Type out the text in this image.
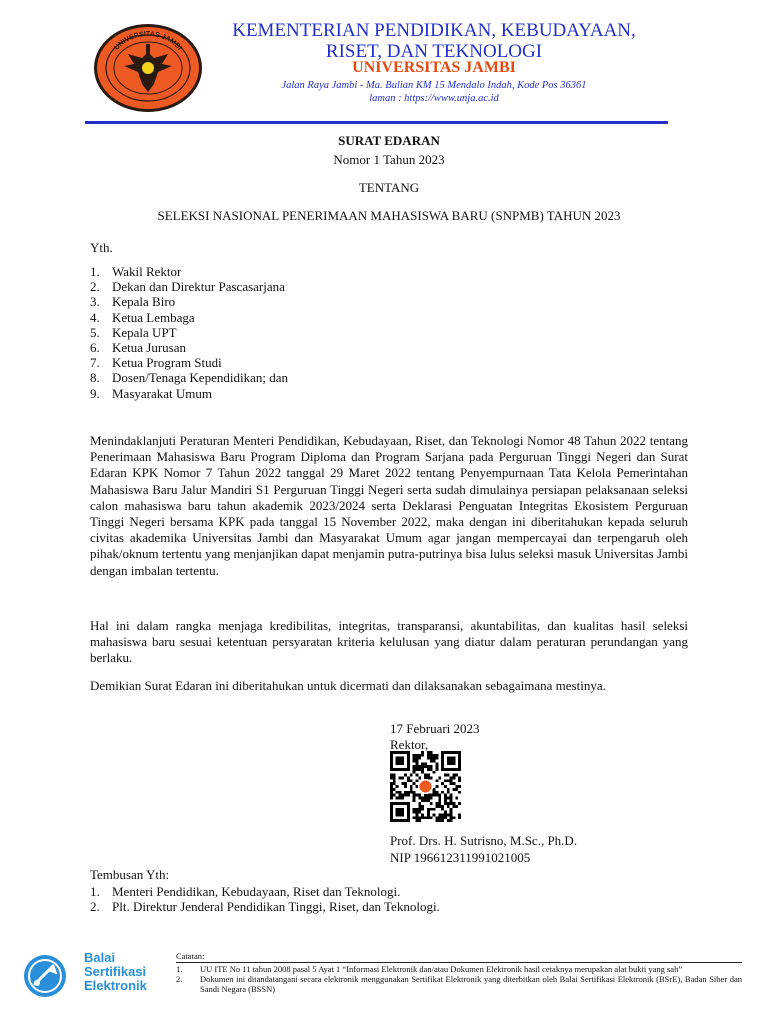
UNIVERSITAS JAMBI
KEMENTERIAN PENDIDIKAN, KEBUDAYAAN,
RISET, DAN TEKNOLOGI
UNIVERSITAS JAMBI
Jalan Raya Jambi - Ma. Bulian KM 15 Mendalo Indah, Kode Pos 36361
laman : https://www.unja.ac.id
SURAT EDARAN
Nomor 1 Tahun 2023
TENTANG
SELEKSI NASIONAL PENERIMAAN MAHASISWA BARU (SNPMB) TAHUN 2023
Yth.
1. Wakil Rektor
2. Dekan dan Direktur Pascasarjana
3. Kepala Biro
4. Ketua Lembaga
5. Kepala UPT
6. Ketua Jurusan
7. Ketua Program Studi
8. Dosen/Tenaga Kependidikan; dan
9. Masyarakat Umum
Menindaklanjuti Peraturan Menteri Pendidikan, Kebudayaan, Riset, dan Teknologi Nomor 48 Tahun 2022 tentang Penerimaan Mahasiswa Baru Program Diploma dan Program Sarjana pada Perguruan Tinggi Negeri dan Surat Edaran KPK Nomor 7 Tahun 2022 tanggal 29 Maret 2022 tentang Penyempurnaan Tata Kelola Pemerintahan Mahasiswa Baru Jalur Mandiri S1 Perguruan Tinggi Negeri serta sudah dimulainya persiapan pelaksanaan seleksi calon mahasiswa baru tahun akademik 2023/2024 serta Deklarasi Penguatan Integritas Ekosistem Perguruan Tinggi Negeri bersama KPK pada tanggal 15 November 2022, maka dengan ini diberitahukan kepada seluruh civitas akademika Universitas Jambi dan Masyarakat Umum agar jangan mempercayai dan terpengaruh oleh pihak/oknum tertentu yang menjanjikan dapat menjamin putra-putrinya bisa lulus seleksi masuk Universitas Jambi dengan imbalan tertentu.
Hal ini dalam rangka menjaga kredibilitas, integritas, transparansi, akuntabilitas, dan kualitas hasil seleksi mahasiswa baru sesuai ketentuan persyaratan kriteria kelulusan yang diatur dalam peraturan perundangan yang berlaku.
Demikian Surat Edaran ini diberitahukan untuk dicermati dan dilaksanakan sebagaimana mestinya.
17 Februari 2023
Rektor,
Prof. Drs. H. Sutrisno, M.Sc., Ph.D.
NIP 196612311991021005
Tembusan Yth:
1. Menteri Pendidikan, Kebudayaan, Riset dan Teknologi.
2. Plt. Direktur Jenderal Pendidikan Tinggi, Riset, dan Teknologi.
Balai
Sertifikasi
Elektronik
Catatan:
1.	UU ITE No 11 tahun 2008 pasal 5 Ayat 1 “Informasi Elektronik dan/atau Dokumen Elektronik hasil cetaknya merupakan alat bukti yang sah”
2.	Dokumen ini ditandatangani secara elektronik menggunakan Sertifikat Elektronik yang diterbitkan oleh Balai Sertifikasi Elektronik (BSrE), Badan Siber dan Sandi Negara (BSSN)
